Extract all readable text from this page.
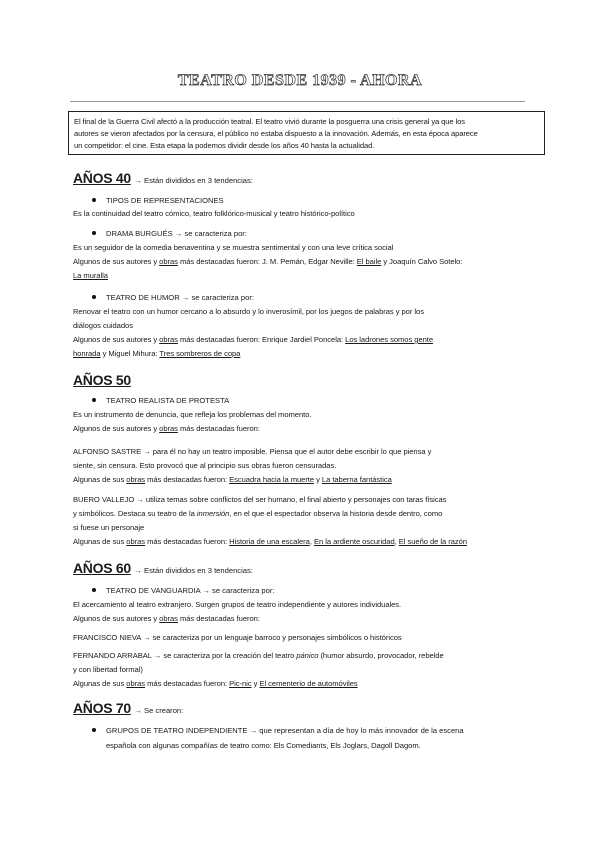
TEATRO DESDE 1939 - AHORA
El final de la Guerra Civil afectó a la producción teatral. El teatro vivió durante la posguerra una crisis general ya que los
autores se vieron afectados por la censura, el público no estaba dispuesto a la innovación. Además, en esta época aparece
un competidor: el cine. Esta etapa la podemos dividir desde los años 40 hasta la actualidad.
AÑOS 40 → Están divididos en 3 tendencias:
TIPOS DE REPRESENTACIONES
Es la continuidad del teatro cómico, teatro folklórico-musical y teatro histórico-político
DRAMA BURGUÉS → se caracteriza por:
Es un seguidor de la comedia benaventina y se muestra sentimental y con una leve crítica social
Algunos de sus autores y obras más destacadas fueron: J. M. Pemán, Edgar Neville: El baile y Joaquín Calvo Sotelo:
La muralla
TEATRO DE HUMOR → se caracteriza por:
Renovar el teatro con un humor cercano a lo absurdo y lo inverosímil, por los juegos de palabras y por los
diálogos cuidados
Algunos de sus autores y obras más destacadas fueron: Enrique Jardiel Poncela: Los ladrones somos gente
honrada y Miguel Mihura: Tres sombreros de copa
AÑOS 50
TEATRO REALISTA DE PROTESTA
Es un instrumento de denuncia, que refleja los problemas del momento.
Algunos de sus autores y obras más destacadas fueron:
ALFONSO SASTRE → para él no hay un teatro imposible. Piensa que el autor debe escribir lo que piensa y
siente, sin censura. Esto provocó que al principio sus obras fueron censuradas.
Algunas de sus obras más destacadas fueron: Escuadra hacia la muerte y La taberna fantástica
BUERO VALLEJO → utiliza temas sobre conflictos del ser humano, el final abierto y personajes con taras físicas
y simbólicos. Destaca su teatro de la inmersión, en el que el espectador observa la historia desde dentro, como
si fuese un personaje
Algunas de sus obras más destacadas fueron: Historia de una escalera, En la ardiente oscuridad, El sueño de la razón
AÑOS 60 → Están divididos en 3 tendencias:
TEATRO DE VANGUARDIA → se caracteriza por:
El acercamiento al teatro extranjero. Surgen grupos de teatro independiente y autores individuales.
Algunos de sus autores y obras más destacadas fueron:
FRANCISCO NIEVA → se caracteriza por un lenguaje barroco y personajes simbólicos o históricos
FERNANDO ARRABAL → se caracteriza por la creación del teatro pánico (humor absurdo, provocador, rebelde
y con libertad formal)
Algunas de sus obras más destacadas fueron: Pic-nic y El cementerio de automóviles
AÑOS 70 → Se crearon:
GRUPOS DE TEATRO INDEPENDIENTE → que representan a día de hoy lo más innovador de la escena
española con algunas compañías de teatro como: Els Comediants, Els Joglars, Dagoll Dagom.
